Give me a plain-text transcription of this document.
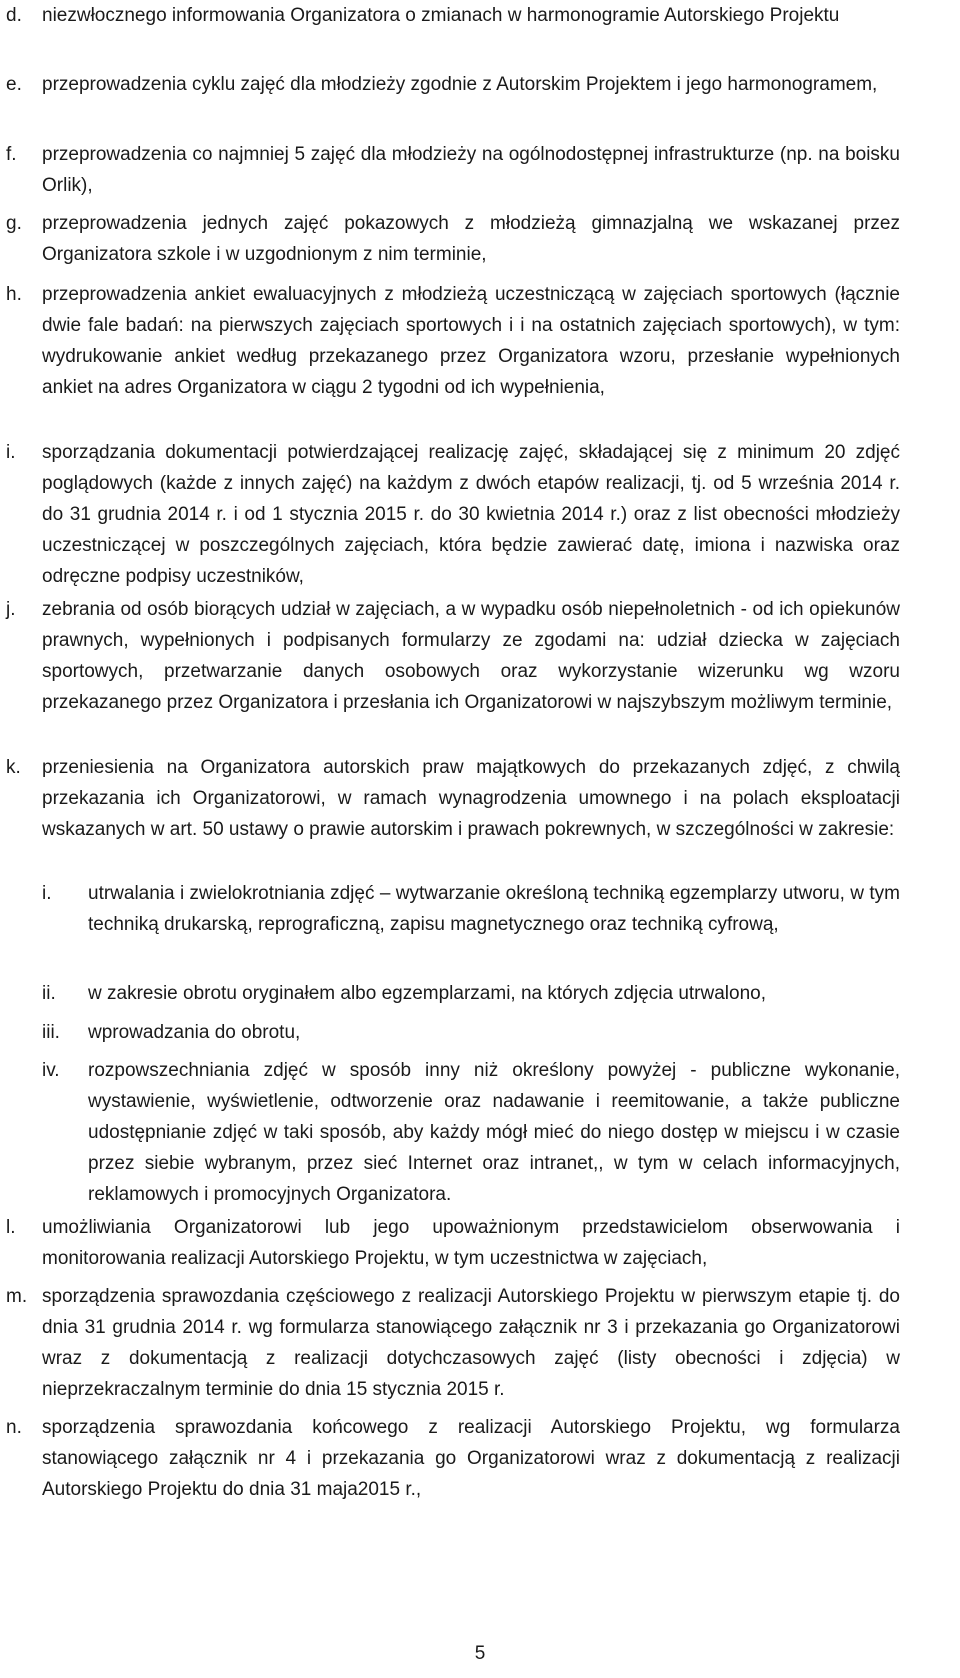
d. niezwłocznego informowania Organizatora o zmianach w harmonogramie Autorskiego Projektu
e. przeprowadzenia cyklu zajęć dla młodzieży zgodnie z Autorskim Projektem i jego harmonogramem,
f. przeprowadzenia co najmniej 5 zajęć dla młodzieży na ogólnodostępnej infrastrukturze (np. na boisku Orlik),
g. przeprowadzenia jednych zajęć pokazowych z młodzieżą gimnazjalną we wskazanej przez Organizatora szkole i w uzgodnionym z nim terminie,
h. przeprowadzenia ankiet ewaluacyjnych z młodzieżą uczestniczącą w zajęciach sportowych (łącznie dwie fale badań: na pierwszych zajęciach sportowych i i na ostatnich zajęciach sportowych), w tym: wydrukowanie ankiet według przekazanego przez Organizatora wzoru, przesłanie wypełnionych ankiet na adres Organizatora w ciągu 2 tygodni od ich wypełnienia,
i. sporządzania dokumentacji potwierdzającej realizację zajęć, składającej się z minimum 20 zdjęć poglądowych (każde z innych zajęć) na każdym z dwóch etapów realizacji, tj. od 5 września 2014 r. do 31 grudnia 2014 r. i od 1 stycznia 2015 r. do 30 kwietnia 2014 r.) oraz z list obecności młodzieży uczestniczącej w poszczególnych zajęciach, która będzie zawierać datę, imiona i nazwiska oraz odręczne podpisy uczestników,
j. zebrania od osób biorących udział w zajęciach, a w wypadku osób niepełnoletnich - od ich opiekunów prawnych, wypełnionych i podpisanych formularzy ze zgodami na: udział dziecka w zajęciach sportowych, przetwarzanie danych osobowych oraz wykorzystanie wizerunku wg wzoru przekazanego przez Organizatora i przesłania ich Organizatorowi w najszybszym możliwym terminie,
k. przeniesienia na Organizatora autorskich praw majątkowych do przekazanych zdjęć, z chwilą przekazania ich Organizatorowi, w ramach wynagrodzenia umownego i na polach eksploatacji wskazanych w art. 50 ustawy o prawie autorskim i prawach pokrewnych, w szczególności w zakresie:
i. utrwalania i zwielokrotniania zdjęć – wytwarzanie określoną techniką egzemplarzy utworu, w tym techniką drukarską, reprograficzną, zapisu magnetycznego oraz techniką cyfrową,
ii. w zakresie obrotu oryginałem albo egzemplarzami, na których zdjęcia utrwalono,
iii. wprowadzania do obrotu,
iv. rozpowszechniania zdjęć w sposób inny niż określony powyżej - publiczne wykonanie, wystawienie, wyświetlenie, odtworzenie oraz nadawanie i reemitowanie, a także publiczne udostępnianie zdjęć w taki sposób, aby każdy mógł mieć do niego dostęp w miejscu i w czasie przez siebie wybranym, przez sieć Internet oraz intranet,, w tym w celach informacyjnych, reklamowych i promocyjnych Organizatora.
l. umożliwiania Organizatorowi lub jego upoważnionym przedstawicielom obserwowania i monitorowania realizacji Autorskiego Projektu, w tym uczestnictwa w zajęciach,
m. sporządzenia sprawozdania częściowego z realizacji Autorskiego Projektu w pierwszym etapie tj. do dnia 31 grudnia 2014 r. wg formularza stanowiącego załącznik nr 3 i przekazania go Organizatorowi wraz z dokumentacją z realizacji dotychczasowych zajęć (listy obecności i zdjęcia) w nieprzekraczalnym terminie do dnia 15 stycznia 2015 r.
n. sporządzenia sprawozdania końcowego z realizacji Autorskiego Projektu, wg formularza stanowiącego załącznik nr 4 i przekazania go Organizatorowi wraz z dokumentacją z realizacji Autorskiego Projektu do dnia 31 maja2015 r.,
5
